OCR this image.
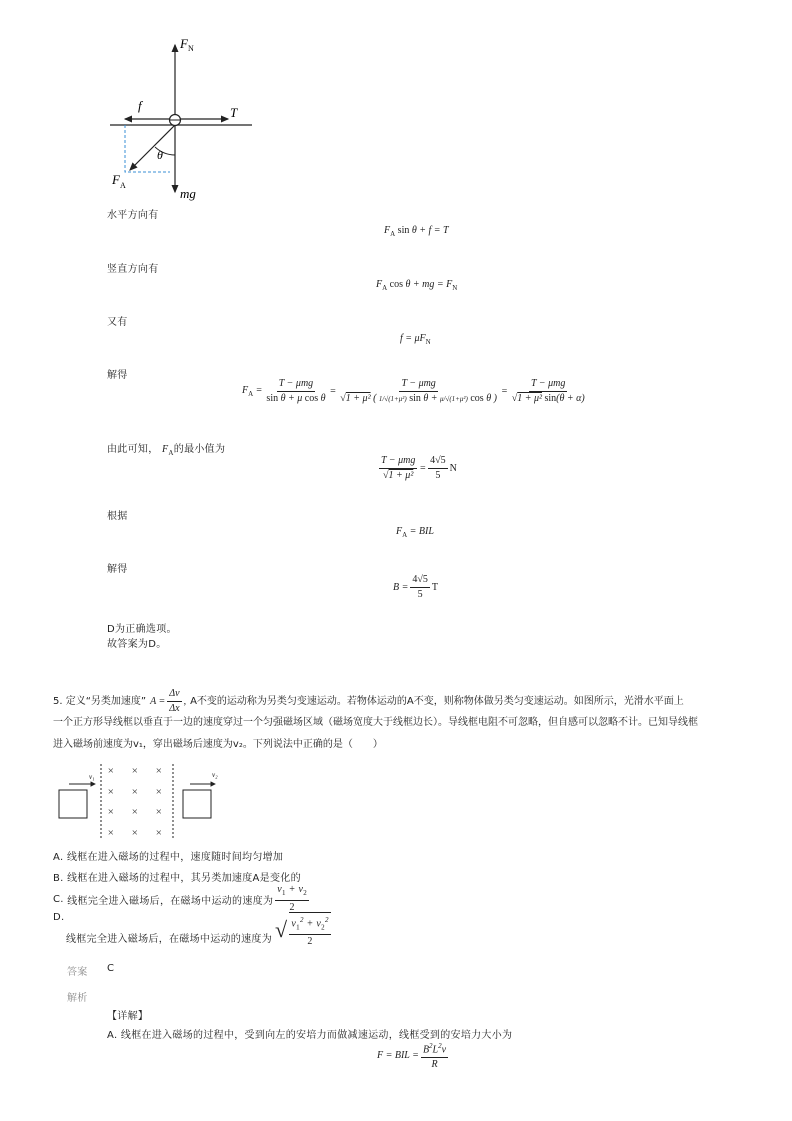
$F_N$
f	T
θ
$F_A$
mg
水平方向有
$F_A$ sin θ + f = T
竖直方向有
$F_A$ cos θ + mg = $F_N$
又有
$f = \mu F_N$
解得
$F_A = \frac{\text{T − μmg}}{\text{sin θ + μ cos θ}} = \frac{\text{T − μmg}}{\text{√1 + μ² ( 1/√(1+μ²) sin θ + μ/√(1+μ²) cos θ )}} = \frac{\text{T − μmg}}{\text{√1 + μ² sin(θ + α)}}$
由此可知， $F_A$的最小值为
$\frac{\text{T − μmg}}{\text{√1 + μ²}} = \frac{4√5}{5}$ N
根据
$F_A$ = BIL
解得
$B = \frac{4√5}{5}$ T
D为正确选项。
故答案为D。
5. 定义“另类加速度” $A = \frac{\Delta v}{\Delta x}$ , A不变的运动称为另类匀变速运动。若物体运动的A不变，则称物体做另类匀变速运动。如图所示，光滑水平面上
一个正方形导线框以垂直于一边的速度穿过一个匀强磁场区域（磁场宽度大于线框边长）。导线框电阻不可忽略，但自感可以忽略不计。已知导线框
进入磁场前速度为v₁，穿出磁场后速度为v₂。下列说法中正确的是（　　）
v₁ × × ×
× × ×
× × ×
× × ×
v₂
A. 线框在进入磁场的过程中，速度随时间均匀增加
B. 线框在进入磁场的过程中，其另类加速度A是变化的
C.
线框完全进入磁场后，在磁场中运动的速度为 $\frac{v_1 + v_2}{2}$
D.
线框完全进入磁场后，在磁场中运动的速度为 √ $\frac{v_1^2 + v_2^2}{2}$
答案 C
解析
【详解】
A. 线框在进入磁场的过程中，受到向左的安培力而做减速运动，线框受到的安培力大小为
F = BIL = $\frac{B^2L^2v}{R}$
